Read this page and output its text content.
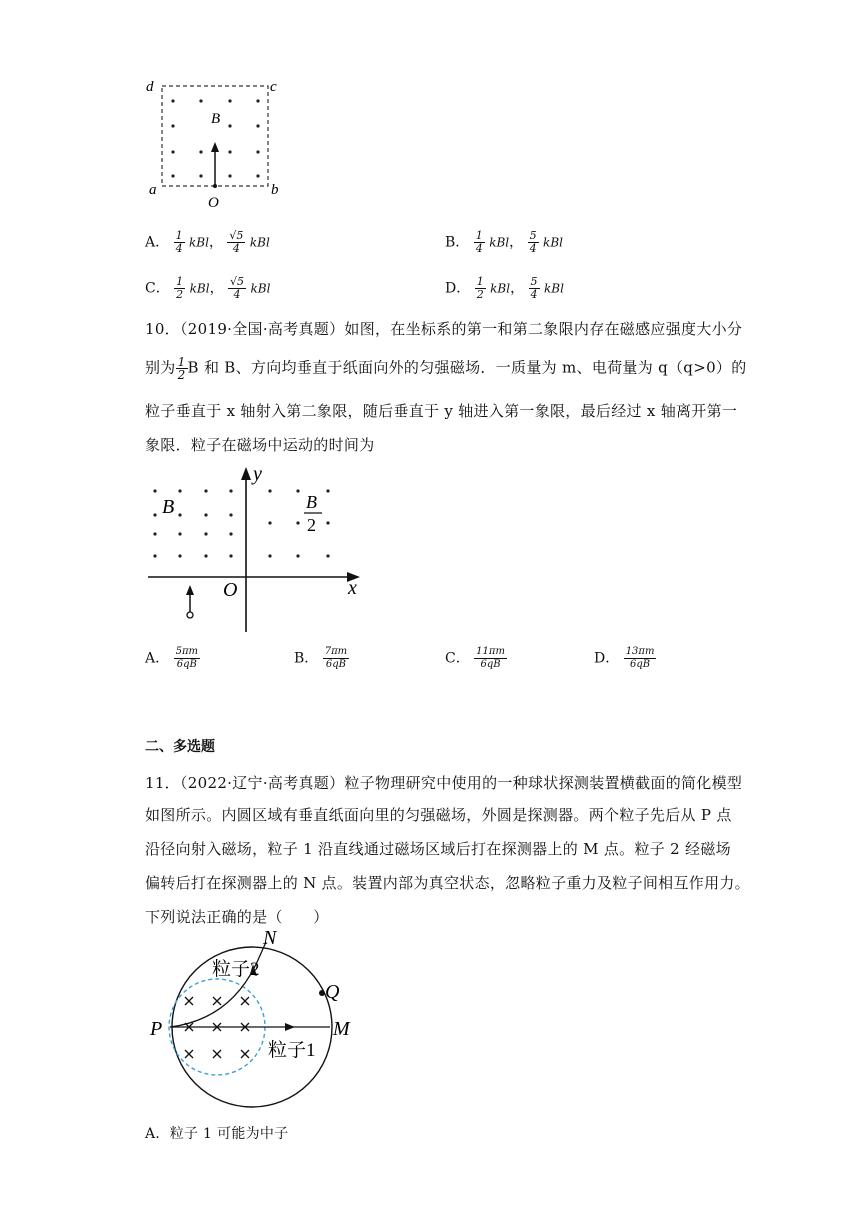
d	c
a	b
O
B
A． $\frac{1}{4}$ kBl， $\frac{√5}{4}$ kBl	B． $\frac{1}{4}$ kBl， $\frac{5}{4}$ kBl
C． $\frac{1}{2}$ kBl， $\frac{√5}{4}$ kBl	D． $\frac{1}{2}$ kBl， $\frac{5}{4}$ kBl
10．（2019·全国·高考真题）如图，在坐标系的第一和第二象限内存在磁感应强度大小分
别为 $\frac{1}{2}$ B 和 B、方向均垂直于纸面向外的匀强磁场．一质量为 m、电荷量为 q（q>0）的
粒子垂直于 x 轴射入第二象限，随后垂直于 y 轴进入第一象限，最后经过 x 轴离开第一
象限．粒子在磁场中运动的时间为
y
x
O
B	B
2
A． $\frac{5\pi m}{6qB}$	B． $\frac{7\pi m}{6qB}$	C． $\frac{11\pi m}{6qB}$	D． $\frac{13\pi m}{6qB}$
二、多选题
11．（2022·辽宁·高考真题）粒子物理研究中使用的一种球状探测装置横截面的简化模型
如图所示。内圆区域有垂直纸面向里的匀强磁场，外圆是探测器。两个粒子先后从 P 点
沿径向射入磁场，粒子 1 沿直线通过磁场区域后打在探测器上的 M 点。粒子 2 经磁场
偏转后打在探测器上的 N 点。装置内部为真空状态，忽略粒子重力及粒子间相互作用力。
下列说法正确的是（　　）
P	M
N
Q
粒子2
粒子1
A．粒子 1 可能为中子
